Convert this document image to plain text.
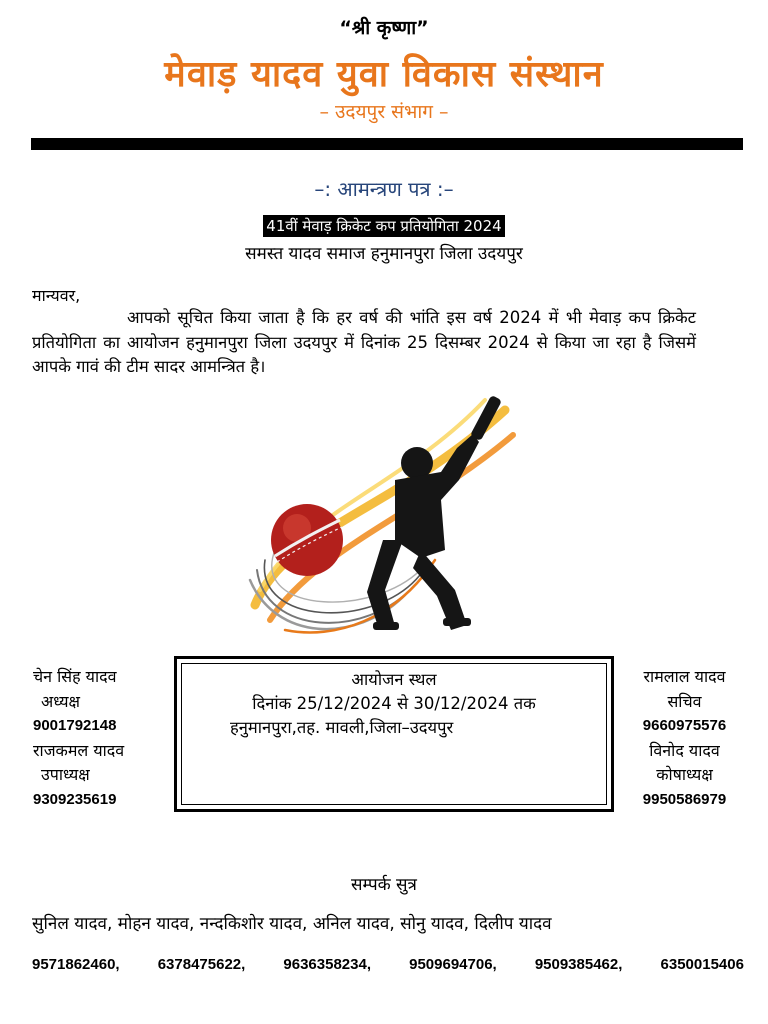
“श्री कृष्णा”
मेवाड़ यादव युवा विकास संस्थान
– उदयपुर संभाग –
–: आमन्त्रण पत्र :–
41वीं मेवाड़ क्रिकेट कप प्रतियोगिता 2024
समस्त यादव समाज हनुमानपुरा जिला उदयपुर
मान्यवर,
आपको सूचित किया जाता है कि हर वर्ष की भांति इस वर्ष 2024 में भी मेवाड़ कप क्रिकेट प्रतियोगिता का आयोजन हनुमानपुरा जिला उदयपुर में दिनांक 25 दिसम्बर 2024 से किया जा रहा है जिसमें आपके गावं की टीम सादर आमन्त्रित है।
चेन सिंह यादव
अध्यक्ष
9001792148
राजकमल यादव
उपाध्यक्ष
9309235619
आयोजन स्थल
दिनांक 25/12/2024 से 30/12/2024 तक
हनुमानपुरा,तह. मावली,जिला–उदयपुर
रामलाल यादव
सचिव
9660975576
विनोद यादव
कोषाध्यक्ष
9950586979
सम्पर्क सुत्र
सुनिल यादव, मोहन यादव, नन्दकिशोर यादव, अनिल यादव, सोनु यादव, दिलीप यादव
9571862460,	6378475622,	9636358234,	9509694706,	9509385462,	6350015406
